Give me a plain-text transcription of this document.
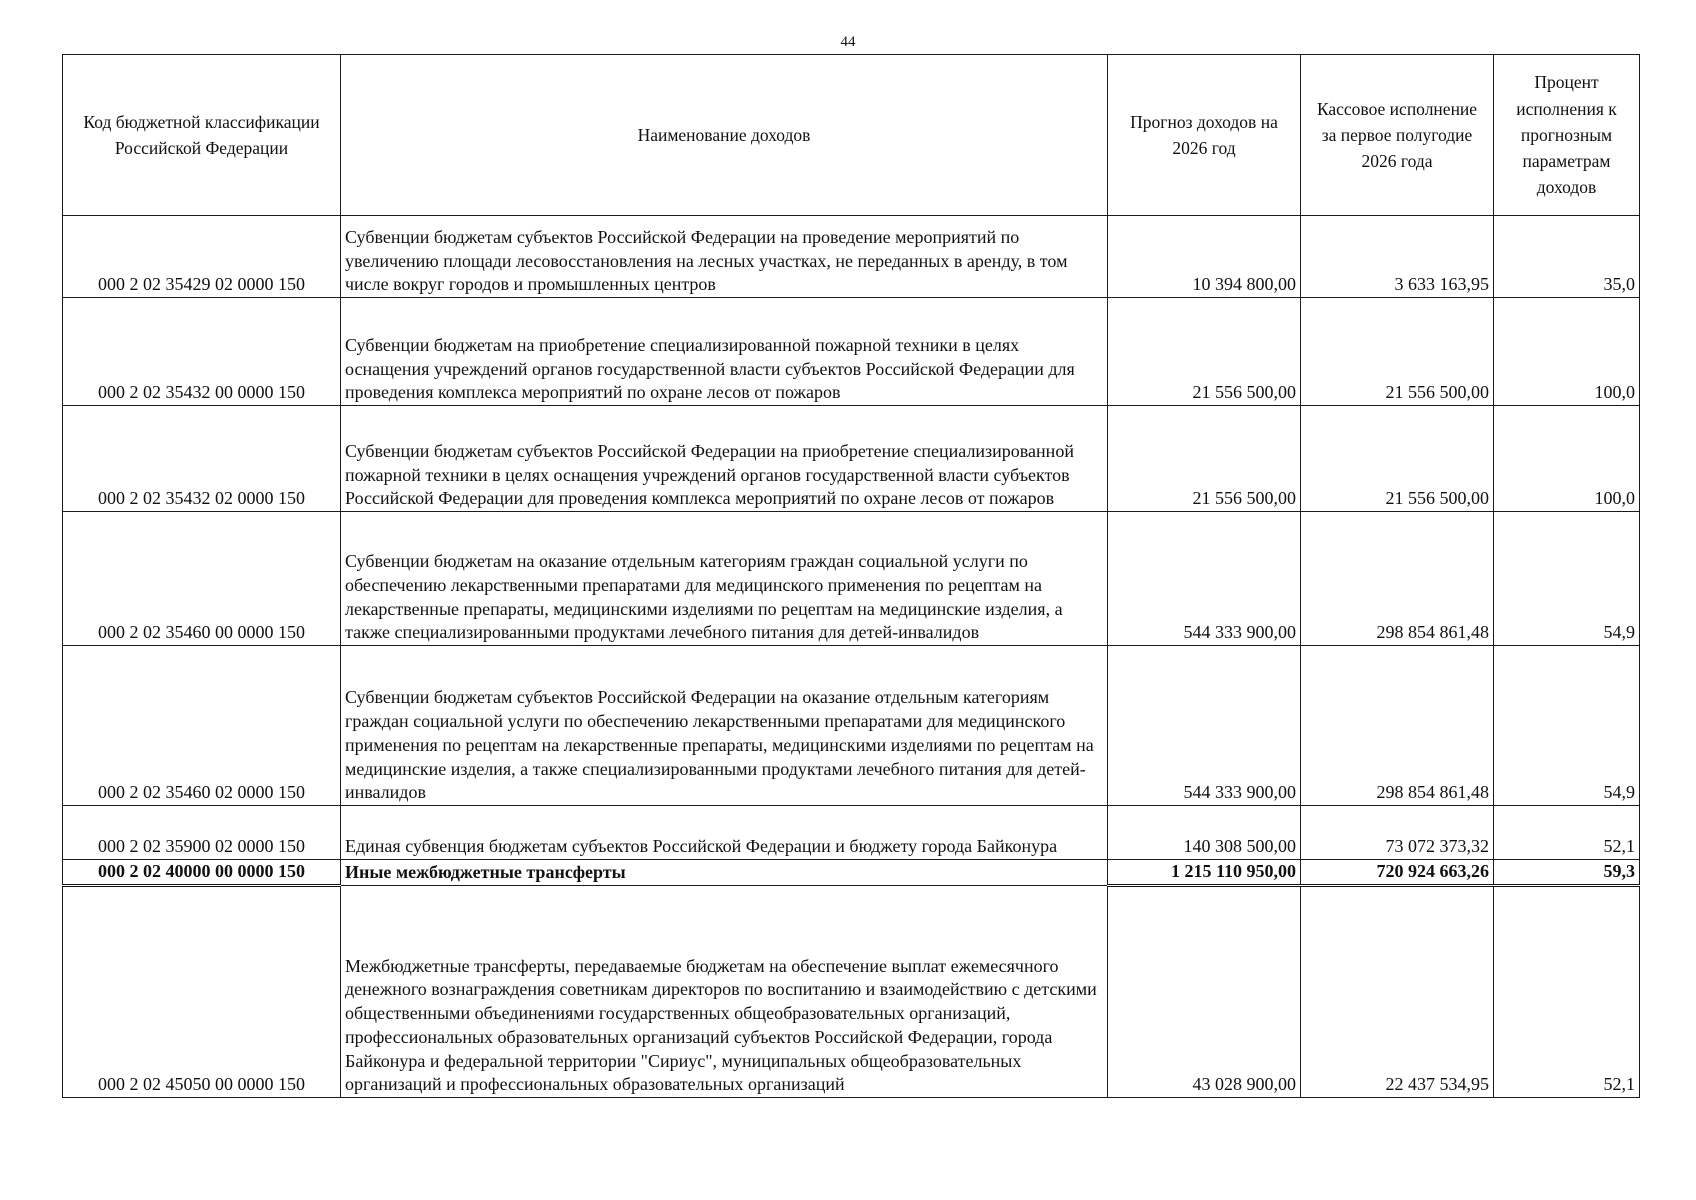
44
Код бюджетной классификации Российской Федерации	Наименование доходов	Прогноз доходов на 2026 год	Кассовое исполнение за первое полугодие 2026 года	Процент исполнения к прогнозным параметрам доходов

000 2 02 35429 02 0000 150	Субвенции бюджетам субъектов Российской Федерации на проведение мероприятий по увеличению площади лесовосстановления на лесных участках, не переданных в аренду, в том числе вокруг городов и промышленных центров	10 394 800,00	3 633 163,95	35,0
000 2 02 35432 00 0000 150	Субвенции бюджетам на приобретение специализированной пожарной техники в целях оснащения учреждений органов государственной власти субъектов Российской Федерации для проведения комплекса мероприятий по охране лесов от пожаров	21 556 500,00	21 556 500,00	100,0
000 2 02 35432 02 0000 150	Субвенции бюджетам субъектов Российской Федерации на приобретение специализированной пожарной техники в целях оснащения учреждений органов государственной власти субъектов Российской Федерации для проведения комплекса мероприятий по охране лесов от пожаров	21 556 500,00	21 556 500,00	100,0
000 2 02 35460 00 0000 150	Субвенции бюджетам на оказание отдельным категориям граждан социальной услуги по обеспечению лекарственными препаратами для медицинского применения по рецептам на лекарственные препараты, медицинскими изделиями по рецептам на медицинские изделия, а также специализированными продуктами лечебного питания для детей-инвалидов	544 333 900,00	298 854 861,48	54,9
000 2 02 35460 02 0000 150	Субвенции бюджетам субъектов Российской Федерации на оказание отдельным категориям граждан социальной услуги по обеспечению лекарственными препаратами для медицинского применения по рецептам на лекарственные препараты, медицинскими изделиями по рецептам на медицинские изделия, а также специализированными продуктами лечебного питания для детей-инвалидов	544 333 900,00	298 854 861,48	54,9
000 2 02 35900 02 0000 150	Единая субвенция бюджетам субъектов Российской Федерации и бюджету города Байконура	140 308 500,00	73 072 373,32	52,1
000 2 02 40000 00 0000 150	Иные межбюджетные трансферты	1 215 110 950,00	720 924 663,26	59,3
000 2 02 45050 00 0000 150	Межбюджетные трансферты, передаваемые бюджетам на обеспечение выплат ежемесячного денежного вознаграждения советникам директоров по воспитанию и взаимодействию с детскими общественными объединениями государственных общеобразовательных организаций, профессиональных образовательных организаций субъектов Российской Федерации, города Байконура и федеральной территории "Сириус", муниципальных общеобразовательных организаций и профессиональных образовательных организаций	43 028 900,00	22 437 534,95	52,1
